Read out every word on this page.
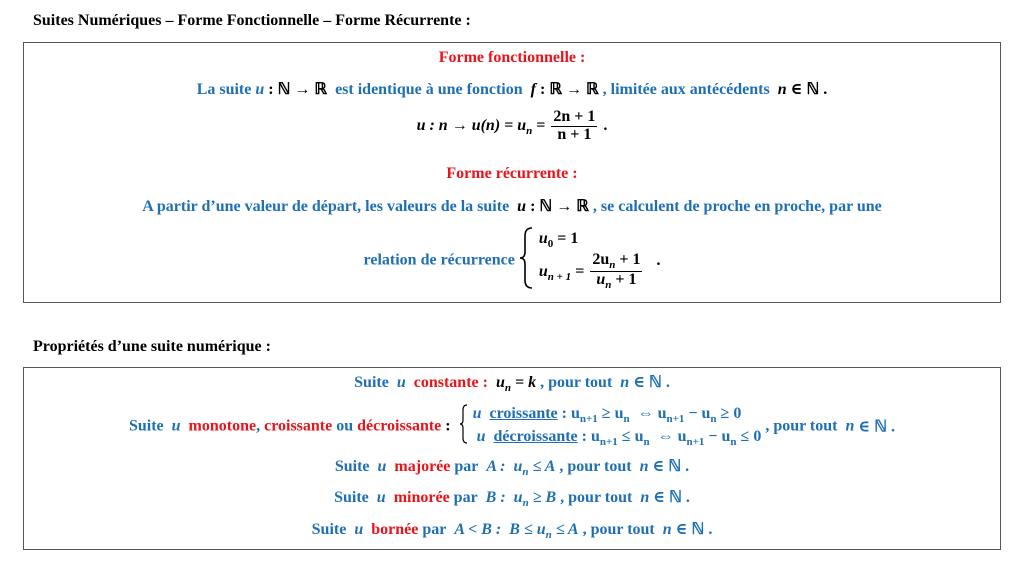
Suites Numériques – Forme Fonctionnelle – Forme Récurrente :
Forme fonctionnelle :
La suite u : ℕ → ℝ est identique à une fonction f : ℝ → ℝ , limitée aux antécédents n ∈ ℕ .
u : $n \to u(n) = u_n = \frac{2n + 1}{n + 1}$ .
Forme récurrente :
A partir d’une valeur de départ, les valeurs de la suite u : ℕ → ℝ , se calculent de proche en proche, par une
relation de récurrence
$u_0 = 1$
$u_{n + 1} = \frac{2u_n + 1}{u_n + 1}$ .
Propriétés d’une suite numérique :
Suite u constante : $u_n = k$ , pour tout n ∈ ℕ .
Suite u monotone, croissante ou décroissante :
u croissante : $u_{n+1} \ge u_n$ ⇔ $u_{n+1} - u_n \ge 0$
u décroissante : $u_{n+1} \le u_n$ ⇔ $u_{n+1} - u_n \le 0$
, pour tout n ∈ ℕ .
Suite u majorée par A : $u_n \le A$ , pour tout n ∈ ℕ .
Suite u minorée par B : $u_n \ge B$ , pour tout n ∈ ℕ .
Suite u bornée par A < B : $B \le u_n \le A$ , pour tout n ∈ ℕ .
